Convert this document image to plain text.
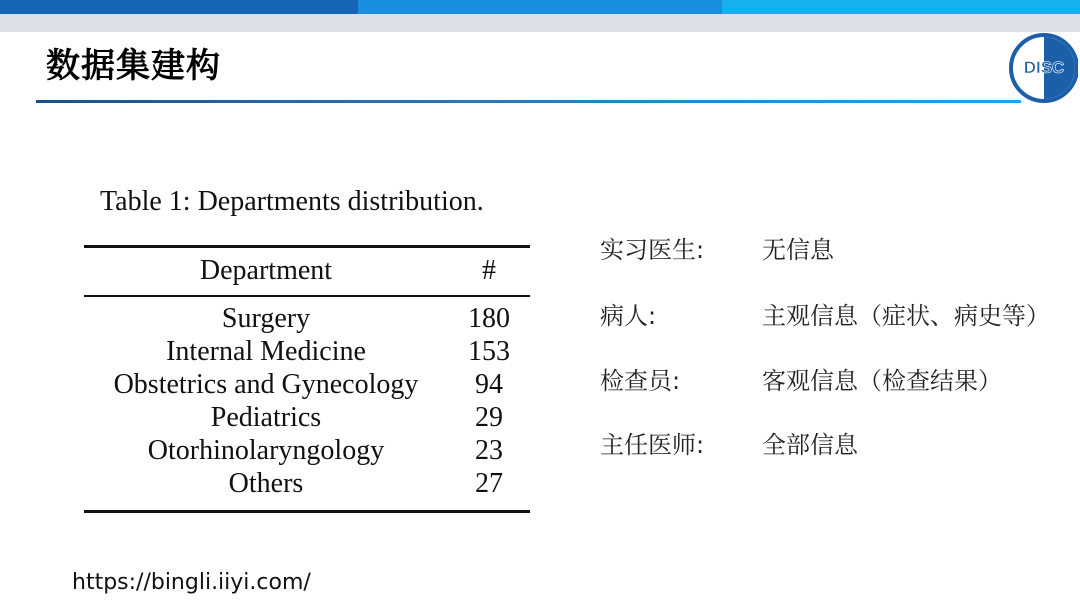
数据集建构	DISC
Table 1: Departments distribution.
Department	#
Surgery	180
Internal Medicine	153
Obstetrics and Gynecology	94
Pediatrics	29
Otorhinolaryngology	23
Others	27
实习医生: 无信息
病人:	主观信息（症状、病史等）
检查员:	客观信息（检查结果）
主任医师: 全部信息
https://bingli.iiyi.com/
